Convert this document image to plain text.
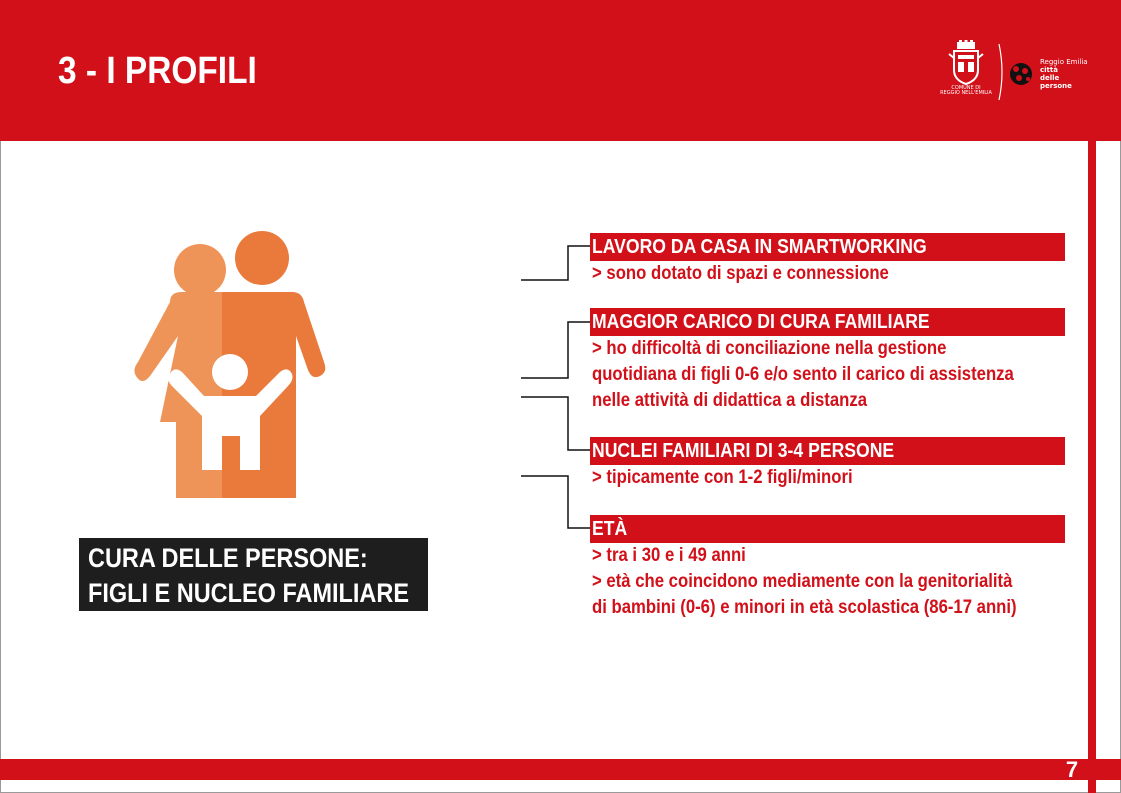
3 - I PROFILI	COMUNE DI
REGGIO NELL'EMILIA
Reggio Emilia
città
delle persone
CURA DELLE PERSONE:
FIGLI E NUCLEO FAMILIARE
LAVORO DA CASA IN SMARTWORKING
> sono dotato di spazi e connessione
MAGGIOR CARICO DI CURA FAMILIARE
> ho difficoltà di conciliazione nella gestione
quotidiana di figli 0-6 e/o sento il carico di assistenza
nelle attività di didattica a distanza
NUCLEI FAMILIARI DI 3-4 PERSONE
> tipicamente con 1-2 figli/minori
ETÀ
> tra i 30 e i 49 anni
> età che coincidono mediamente con la genitorialità
di bambini (0-6) e minori in età scolastica (86-17 anni)
7
